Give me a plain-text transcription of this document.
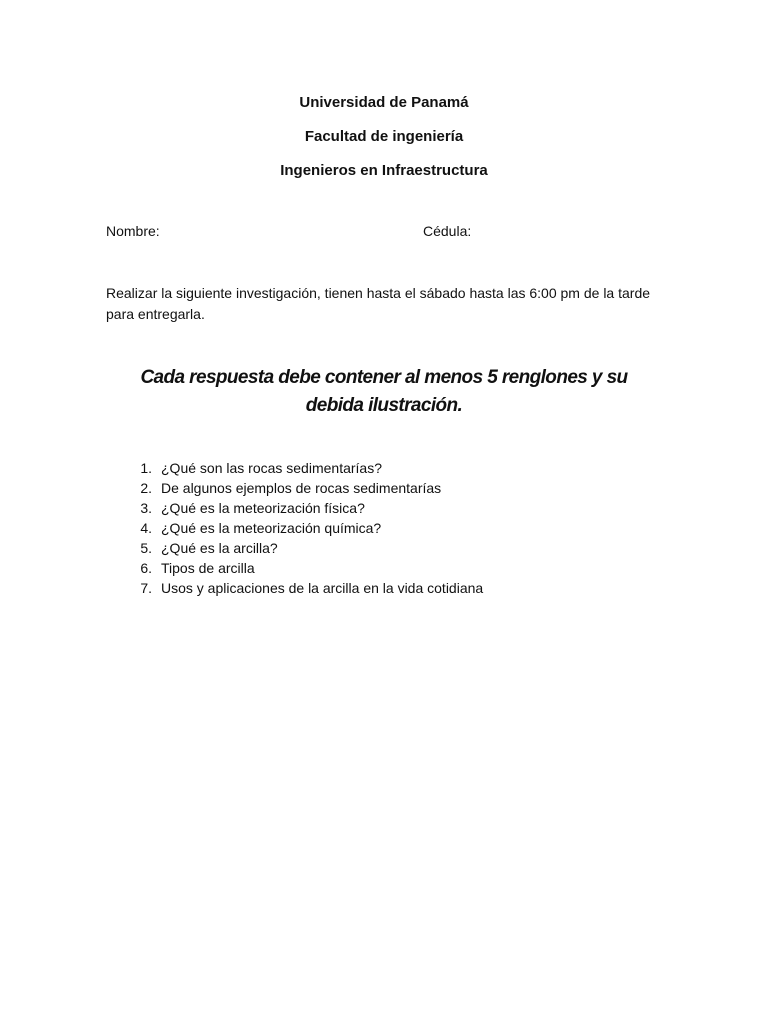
Universidad de Panamá
Facultad de ingeniería
Ingenieros en Infraestructura
Nombre:	Cédula:
Realizar la siguiente investigación, tienen hasta el sábado hasta las 6:00 pm de la tarde para entregarla.
Cada respuesta debe contener al menos 5 renglones y su debida ilustración.
1. ¿Qué son las rocas sedimentarías?
2. De algunos ejemplos de rocas sedimentarías
3. ¿Qué es la meteorización física?
4. ¿Qué es la meteorización química?
5. ¿Qué es la arcilla?
6. Tipos de arcilla
7. Usos y aplicaciones de la arcilla en la vida cotidiana
